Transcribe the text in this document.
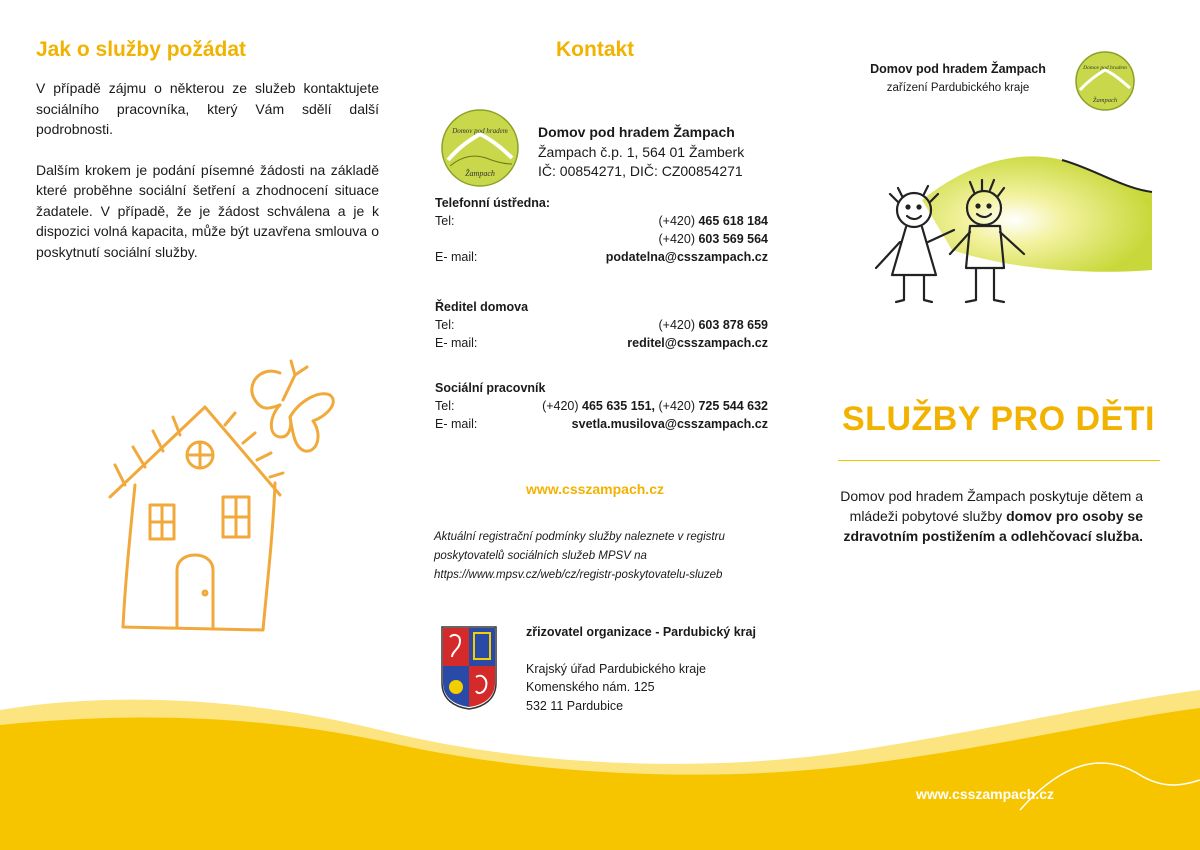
Jak o služby požádat

V případě zájmu o některou ze služeb kontaktujete sociálního pracovníka, který Vám sdělí další podrobnosti.

Dalším krokem je podání písemné žádosti na základě které proběhne sociální šetření a zhodnocení situace žadatele. V případě, že je žádost schválena a je k dispozici volná kapacita, může být uzavřena smlouva o poskytnutí sociální služby.

Kontakt
Domov pod hradem
Žampach
Domov pod hradem Žampach
Žampach č.p. 1, 564 01 Žamberk
IČ: 00854271, DIČ: CZ00854271
Telefonní ústředna:
Tel:	(+420) 465 618 184
(+420) 603 569 564
E- mail:	podatelna@csszampach.cz
Ředitel domova
Tel:	(+420) 603 878 659
E- mail:	reditel@csszampach.cz
Sociální pracovník
Tel:	(+420) 465 635 151, (+420) 725 544 632
E- mail:	svetla.musilova@csszampach.cz
www.csszampach.cz
Aktuální registrační podmínky služby naleznete v registru poskytovatelů sociálních služeb MPSV na https://www.mpsv.cz/web/cz/registr-poskytovatelu-sluzeb
zřizovatel organizace - Pardubický kraj
Krajský úřad Pardubického kraje
Komenského nám. 125
532 11 Pardubice
Domov pod hradem Žampach
zařízení Pardubického kraje
Domov pod hradem
Žampach
SLUŽBY PRO DĚTI
Domov pod hradem Žampach poskytuje dětem a mládeži pobytové služby domov pro osoby se zdravotním postižením a odlehčovací služba.
www.csszampach.cz
